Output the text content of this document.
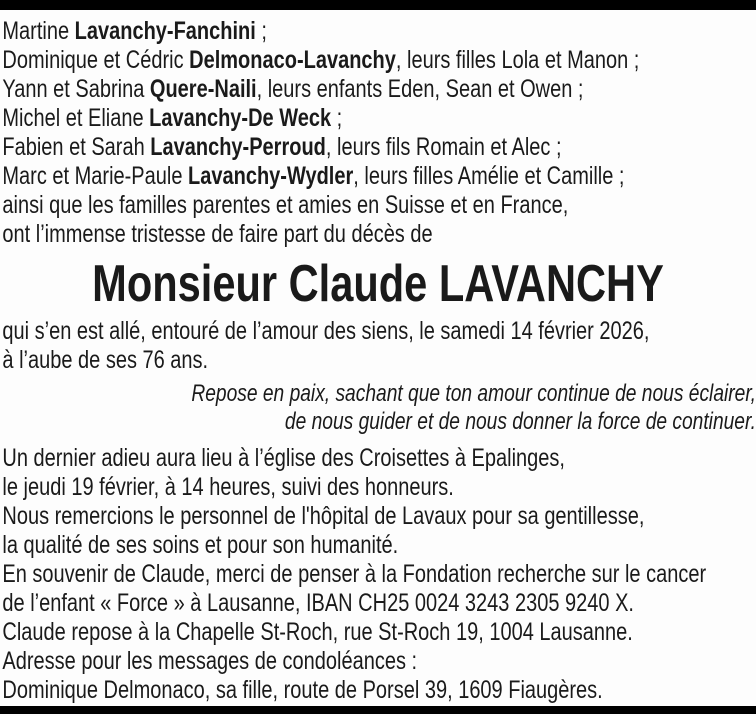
Martine Lavanchy-Fanchini ;
Dominique et Cédric Delmonaco-Lavanchy, leurs filles Lola et Manon ;
Yann et Sabrina Quere-Naili, leurs enfants Eden, Sean et Owen ;
Michel et Eliane Lavanchy-De Weck ;
Fabien et Sarah Lavanchy-Perroud, leurs fils Romain et Alec ;
Marc et Marie-Paule Lavanchy-Wydler, leurs filles Amélie et Camille ;
ainsi que les familles parentes et amies en Suisse et en France,
ont l’immense tristesse de faire part du décès de
Monsieur Claude LAVANCHY
qui s’en est allé, entouré de l’amour des siens, le samedi 14 février 2026,
à l’aube de ses 76 ans.
Repose en paix, sachant que ton amour continue de nous éclairer,
de nous guider et de nous donner la force de continuer.
Un dernier adieu aura lieu à l’église des Croisettes à Epalinges,
le jeudi 19 février, à 14 heures, suivi des honneurs.
Nous remercions le personnel de l'hôpital de Lavaux pour sa gentillesse,
la qualité de ses soins et pour son humanité.
En souvenir de Claude, merci de penser à la Fondation recherche sur le cancer
de l’enfant « Force » à Lausanne, IBAN CH25 0024 3243 2305 9240 X.
Claude repose à la Chapelle St-Roch, rue St-Roch 19, 1004 Lausanne.
Adresse pour les messages de condoléances :
Dominique Delmonaco, sa fille, route de Porsel 39, 1609 Fiaugères.
